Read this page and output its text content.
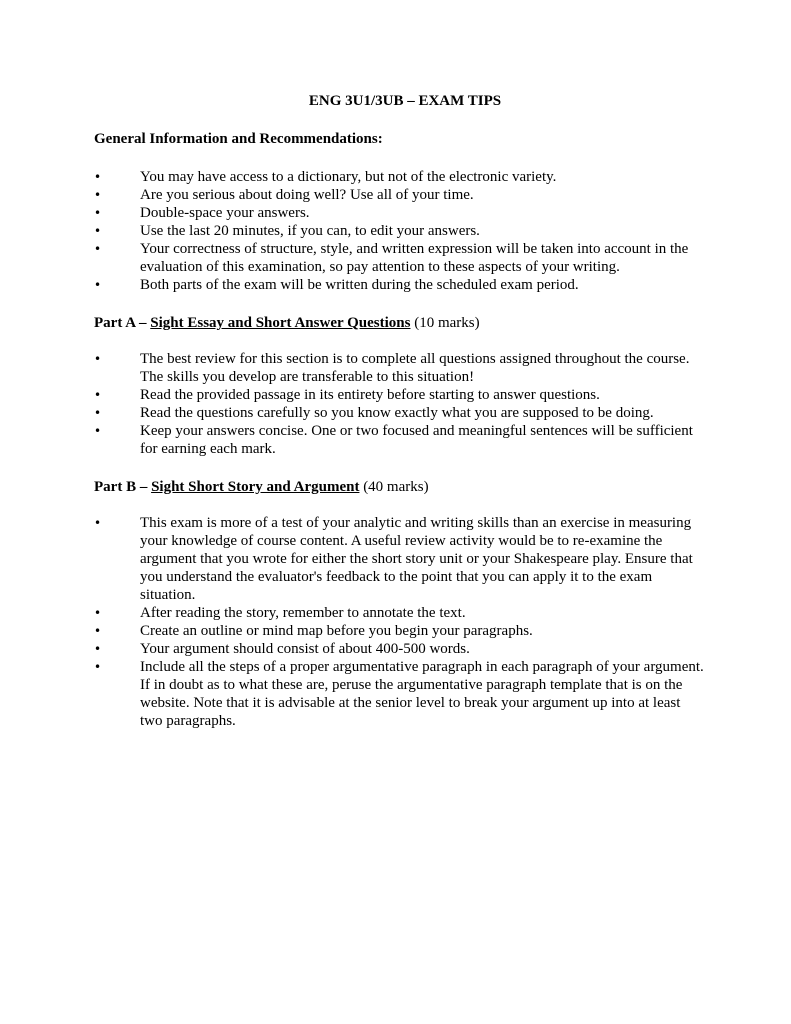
ENG 3U1/3UB – EXAM TIPS

General Information and Recommendations:

•	You may have access to a dictionary, but not of the electronic variety.
•	Are you serious about doing well? Use all of your time.
•	Double-space your answers.
•	Use the last 20 minutes, if you can, to edit your answers.
•	Your correctness of structure, style, and written expression will be taken into account in the evaluation of this examination, so pay attention to these aspects of your writing.
•	Both parts of the exam will be written during the scheduled exam period.

Part A – Sight Essay and Short Answer Questions (10 marks)

•	The best review for this section is to complete all questions assigned throughout the course. The skills you develop are transferable to this situation!
•	Read the provided passage in its entirety before starting to answer questions.
•	Read the questions carefully so you know exactly what you are supposed to be doing.
•	Keep your answers concise. One or two focused and meaningful sentences will be sufficient for earning each mark.

Part B – Sight Short Story and Argument (40 marks)

•	This exam is more of a test of your analytic and writing skills than an exercise in measuring your knowledge of course content. A useful review activity would be to re-examine the argument that you wrote for either the short story unit or your Shakespeare play. Ensure that you understand the evaluator's feedback to the point that you can apply it to the exam situation.
•	After reading the story, remember to annotate the text.
•	Create an outline or mind map before you begin your paragraphs.
•	Your argument should consist of about 400-500 words.
•	Include all the steps of a proper argumentative paragraph in each paragraph of your argument. If in doubt as to what these are, peruse the argumentative paragraph template that is on the website. Note that it is advisable at the senior level to break your argument up into at least two paragraphs.
